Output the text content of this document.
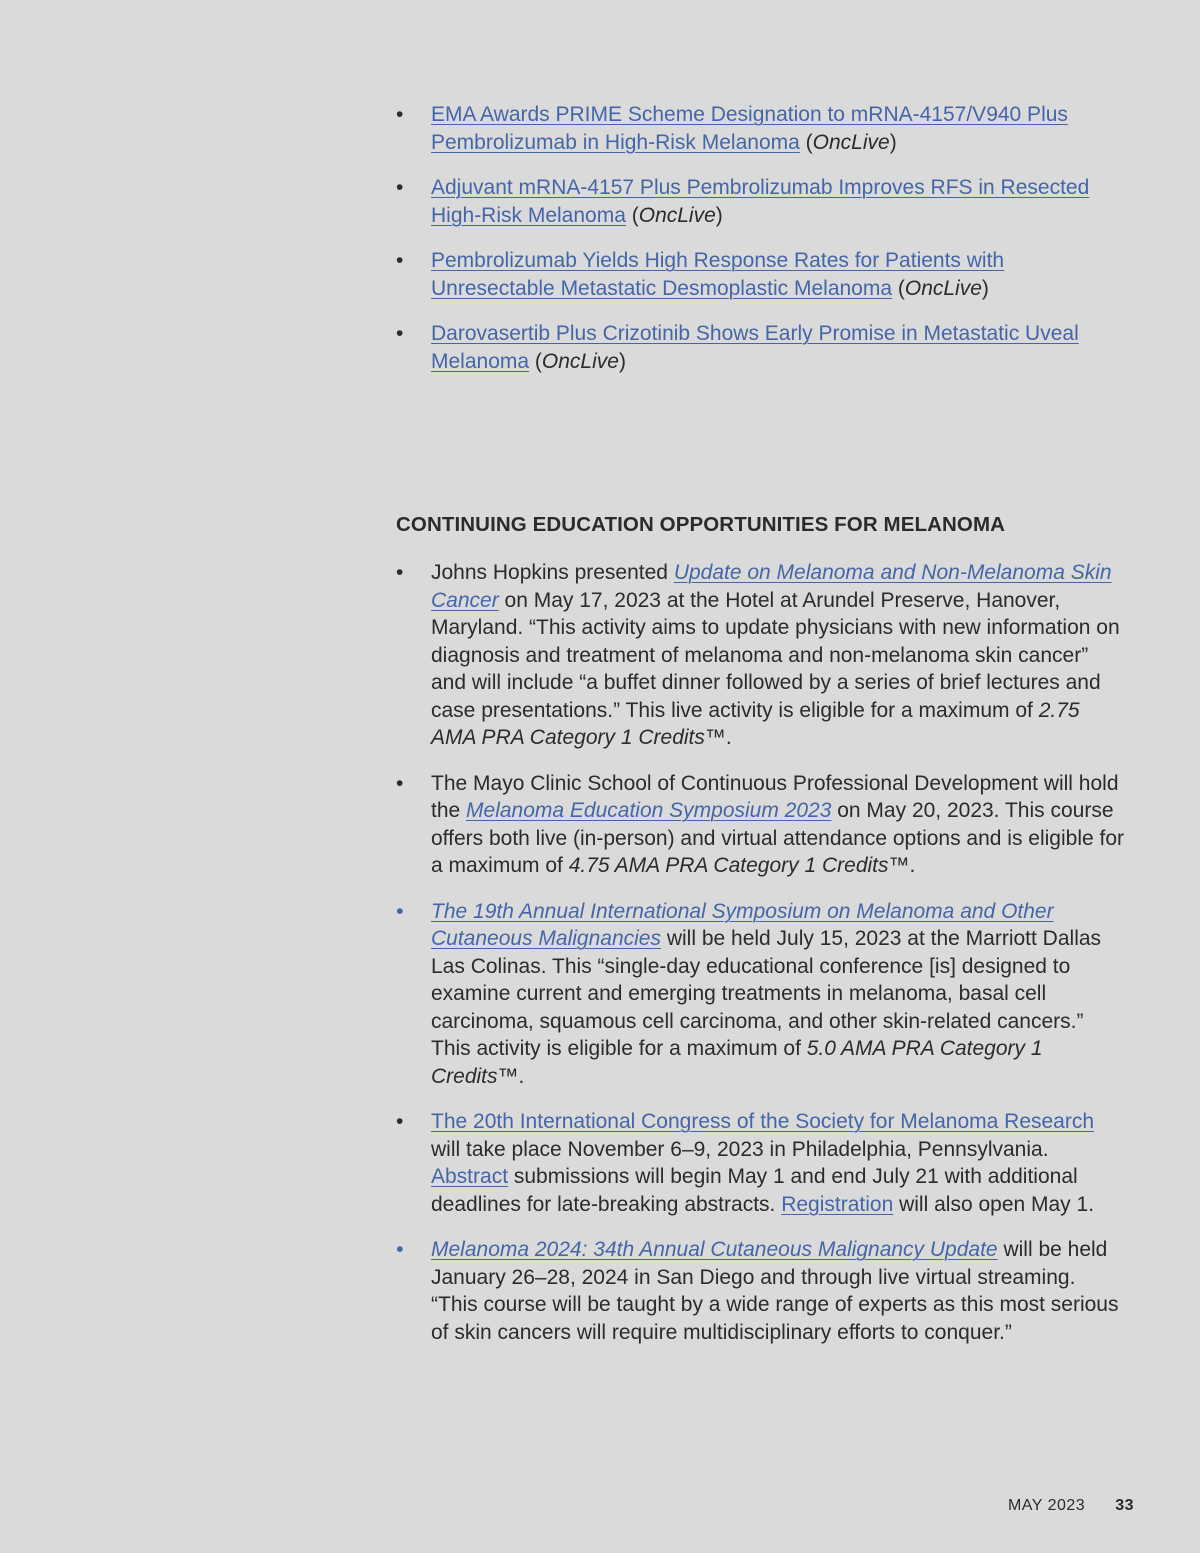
• EMA Awards PRIME Scheme Designation to mRNA-4157/V940 Plus Pembrolizumab in High-Risk Melanoma (OncLive)
• Adjuvant mRNA-4157 Plus Pembrolizumab Improves RFS in Resected High-Risk Melanoma (OncLive)
• Pembrolizumab Yields High Response Rates for Patients with Unresectable Metastatic Desmoplastic Melanoma (OncLive)
• Darovasertib Plus Crizotinib Shows Early Promise in Metastatic Uveal Melanoma (OncLive)
CONTINUING EDUCATION OPPORTUNITIES FOR MELANOMA
• Johns Hopkins presented Update on Melanoma and Non-Melanoma Skin Cancer on May 17, 2023 at the Hotel at Arundel Preserve, Hanover, Maryland. “This activity aims to update physicians with new information on diagnosis and treatment of melanoma and non-melanoma skin cancer” and will include “a buffet dinner followed by a series of brief lectures and case presentations.” This live activity is eligible for a maximum of 2.75 AMA PRA Category 1 Credits™.
• The Mayo Clinic School of Continuous Professional Development will hold the Melanoma Education Symposium 2023 on May 20, 2023. This course offers both live (in-person) and virtual attendance options and is eligible for a maximum of 4.75 AMA PRA Category 1 Credits™.
• The 19th Annual International Symposium on Melanoma and Other Cutaneous Malignancies will be held July 15, 2023 at the Marriott Dallas Las Colinas. This “single-day educational conference [is] designed to examine current and emerging treatments in melanoma, basal cell carcinoma, squamous cell carcinoma, and other skin-related cancers.” This activity is eligible for a maximum of 5.0 AMA PRA Category 1 Credits™.
• The 20th International Congress of the Society for Melanoma Research will take place November 6–9, 2023 in Philadelphia, Pennsylvania. Abstract submissions will begin May 1 and end July 21 with additional deadlines for late-breaking abstracts. Registration will also open May 1.
• Melanoma 2024: 34th Annual Cutaneous Malignancy Update will be held January 26–28, 2024 in San Diego and through live virtual streaming. “This course will be taught by a wide range of experts as this most serious of skin cancers will require multidisciplinary efforts to conquer.”
MAY 2023 33
